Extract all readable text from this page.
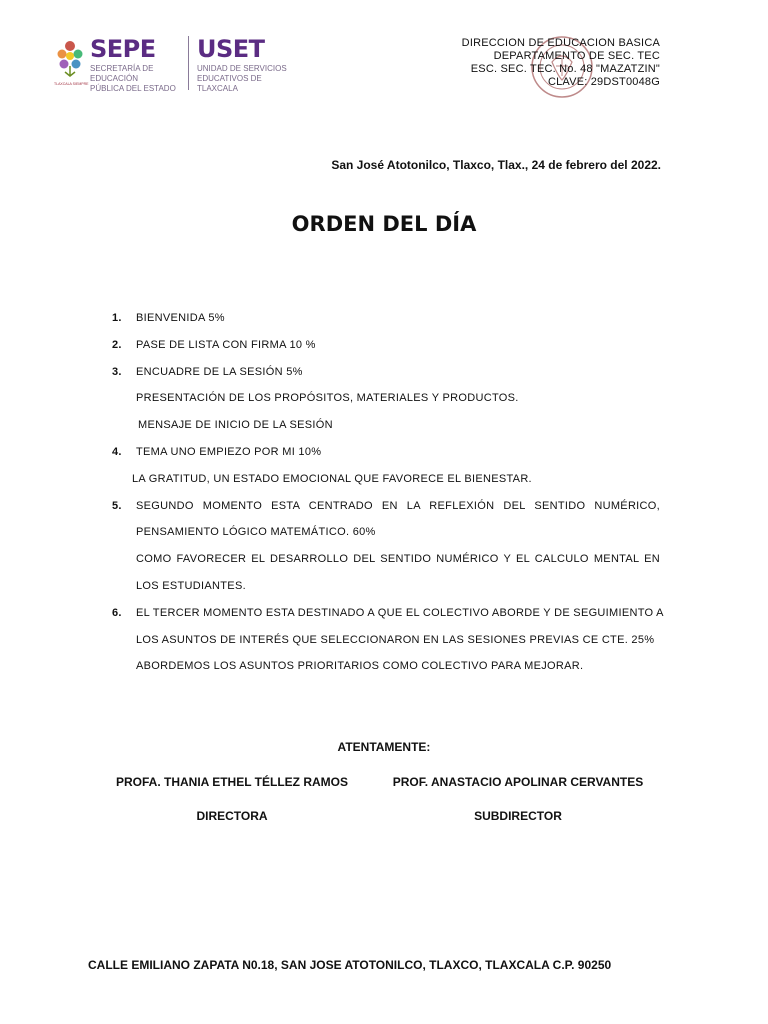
TLAXCALA SIEMPRE
SEPE
SECRETARÍA DE EDUCACIÓN
PÚBLICA DEL ESTADO
USET
UNIDAD DE SERVICIOS
EDUCATIVOS DE TLAXCALA
DIRECCION DE EDUCACION BASICA
DEPARTAMENTO DE SEC. TEC
ESC. SEC. TEC. No. 48 "MAZATZIN"
CLAVE: 29DST0048G
San José Atotonilco, Tlaxco, Tlax., 24 de febrero del 2022.
ORDEN DEL DÍA
1.	BIENVENIDA 5%
2.	PASE DE LISTA CON FIRMA 10 %
3.	ENCUADRE DE LA SESIÓN 5%
PRESENTACIÓN DE LOS PROPÓSITOS, MATERIALES Y PRODUCTOS.
MENSAJE DE INICIO DE LA SESIÓN
4.	TEMA UNO EMPIEZO POR MI 10%
LA GRATITUD, UN ESTADO EMOCIONAL QUE FAVORECE EL BIENESTAR.
5.	SEGUNDO MOMENTO ESTA CENTRADO EN LA REFLEXIÓN DEL SENTIDO NUMÉRICO,
PENSAMIENTO LÓGICO MATEMÁTICO. 60%
COMO FAVORECER EL DESARROLLO DEL SENTIDO NUMÉRICO Y EL CALCULO MENTAL EN
LOS ESTUDIANTES.
6.	EL TERCER MOMENTO ESTA DESTINADO A QUE EL COLECTIVO ABORDE Y DE SEGUIMIENTO A
LOS ASUNTOS DE INTERÉS QUE SELECCIONARON EN LAS SESIONES PREVIAS CE CTE. 25%
ABORDEMOS LOS ASUNTOS PRIORITARIOS COMO COLECTIVO PARA MEJORAR.
ATENTAMENTE:
PROFA. THANIA ETHEL TÉLLEZ RAMOS
DIRECTORA
PROF. ANASTACIO APOLINAR CERVANTES
SUBDIRECTOR
CALLE EMILIANO ZAPATA N0.18, SAN JOSE ATOTONILCO, TLAXCO, TLAXCALA C.P. 90250
